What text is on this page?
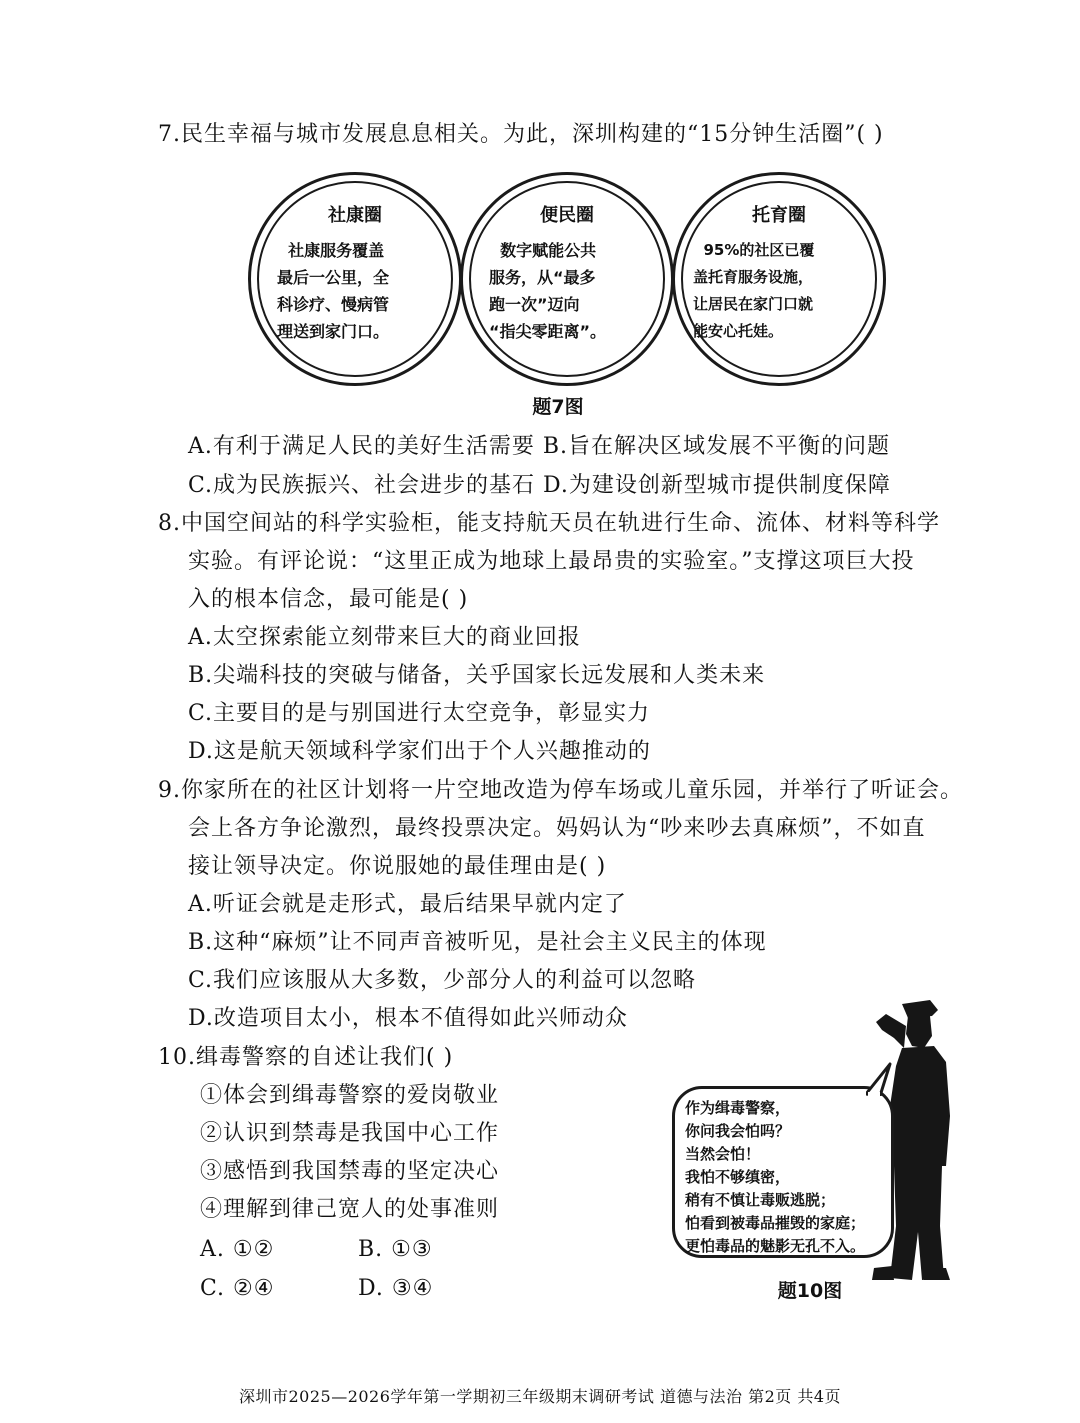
7.民生幸福与城市发展息息相关。为此，深圳构建的“15分钟生活圈”( )
社康圈
社康服务覆盖
最后一公里，全
科诊疗、慢病管
理送到家门口。
便民圈
数字赋能公共
服务，从“最多
跑一次”迈向
“指尖零距离”。
托育圈
95%的社区已覆
盖托育服务设施，
让居民在家门口就
能安心托娃。
题7图
A.有利于满足人民的美好生活需要 B.旨在解决区域发展不平衡的问题
C.成为民族振兴、社会进步的基石 D.为建设创新型城市提供制度保障
8.中国空间站的科学实验柜，能支持航天员在轨进行生命、流体、材料等科学
实验。有评论说：“这里正成为地球上最昂贵的实验室。”支撑这项巨大投
入的根本信念，最可能是( )
A.太空探索能立刻带来巨大的商业回报
B.尖端科技的突破与储备，关乎国家长远发展和人类未来
C.主要目的是与别国进行太空竞争，彰显实力
D.这是航天领域科学家们出于个人兴趣推动的
9.你家所在的社区计划将一片空地改造为停车场或儿童乐园，并举行了听证会。
会上各方争论激烈，最终投票决定。妈妈认为“吵来吵去真麻烦”，不如直
接让领导决定。你说服她的最佳理由是( )
A.听证会就是走形式，最后结果早就内定了
B.这种“麻烦”让不同声音被听见，是社会主义民主的体现
C.我们应该服从大多数，少部分人的利益可以忽略
D.改造项目太小，根本不值得如此兴师动众
10.缉毒警察的自述让我们( )
①体会到缉毒警察的爱岗敬业
②认识到禁毒是我国中心工作
③感悟到我国禁毒的坚定决心
④理解到律己宽人的处事准则
A. ①②	B. ①③
C. ②④	D. ③④
作为缉毒警察，
你问我会怕吗？
当然会怕！
我怕不够缜密，
稍有不慎让毒贩逃脱；
怕看到被毒品摧毁的家庭；
更怕毒品的魅影无孔不入。
题10图
深圳市2025—2026学年第一学期初三年级期末调研考试 道德与法治 第2页 共4页
